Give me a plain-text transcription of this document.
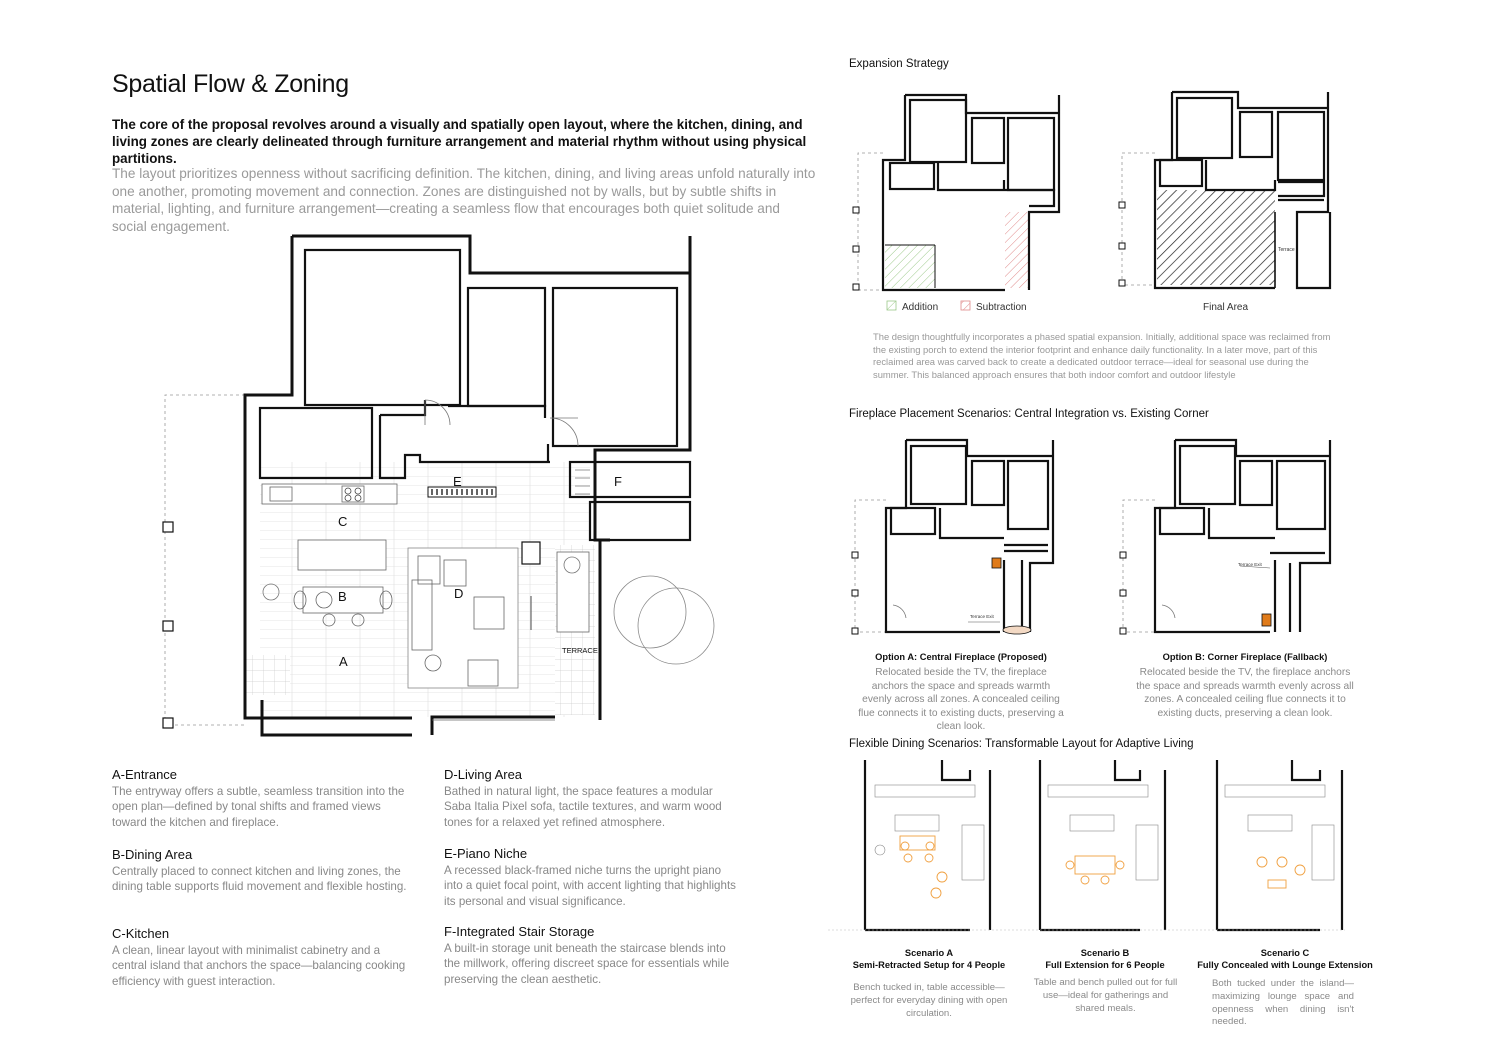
Spatial Flow & Zoning
The core of the proposal revolves around a visually and spatially open layout, where the kitchen, dining, and living zones are clearly delineated through furniture arrangement and material rhythm without using physical partitions.
The layout prioritizes openness without sacrificing definition. The kitchen, dining, and living areas unfold naturally into one another, promoting movement and connection. Zones are distinguished not by walls, but by subtle shifts in material, lighting, and furniture arrangement—creating a seamless flow that encourages both quiet solitude and social engagement.
C
B
A
D
E	F
TERRACE
A-Entrance

The entryway offers a subtle, seamless transition into the open plan—defined by tonal shifts and framed views toward the kitchen and fireplace.

B-Dining Area

Centrally placed to connect kitchen and living zones, the dining table supports fluid movement and flexible hosting.

C-Kitchen

A clean, linear layout with minimalist cabinetry and a central island that anchors the space—balancing cooking efficiency with guest interaction.

D-Living Area

Bathed in natural light, the space features a modular Saba Italia Pixel sofa, tactile textures, and warm wood tones for a relaxed yet refined atmosphere.

E-Piano Niche

A recessed black-framed niche turns the upright piano into a quiet focal point, with accent lighting that highlights its personal and visual significance.

F-Integrated Stair Storage

A built-in storage unit beneath the staircase blends into the millwork, offering discreet space for essentials while preserving the clean aesthetic.

Expansion Strategy
Addition	Subtraction	Final Area
Terrace
The design thoughtfully incorporates a phased spatial expansion. Initially, additional space was reclaimed from the existing porch to extend the interior footprint and enhance daily functionality. In a later move, part of this reclaimed area was carved back to create a dedicated outdoor terrace—ideal for seasonal use during the summer. This balanced approach ensures that both indoor comfort and outdoor lifestyle
Fireplace Placement Scenarios: Central Integration vs. Existing Corner
Terrace Exit
Terrace Exit
Option A: Central Fireplace (Proposed)
Relocated beside the TV, the fireplace anchors the space and spreads warmth evenly across all zones. A concealed ceiling flue connects it to existing ducts, preserving a clean look.
Option B: Corner Fireplace (Fallback)
Relocated beside the TV, the fireplace anchors the space and spreads warmth evenly across all zones. A concealed ceiling flue connects it to existing ducts, preserving a clean look.
Flexible Dining Scenarios: Transformable Layout for Adaptive Living
Scenario A
Semi-Retracted Setup for 4 People
Bench tucked in, table accessible—perfect for everyday dining with open circulation.
Scenario B
Full Extension for 6 People
Table and bench pulled out for full use—ideal for gatherings and shared meals.
Scenario C
Fully Concealed with Lounge Extension
Both tucked under the island—maximizing lounge space and openness when dining isn't needed.
